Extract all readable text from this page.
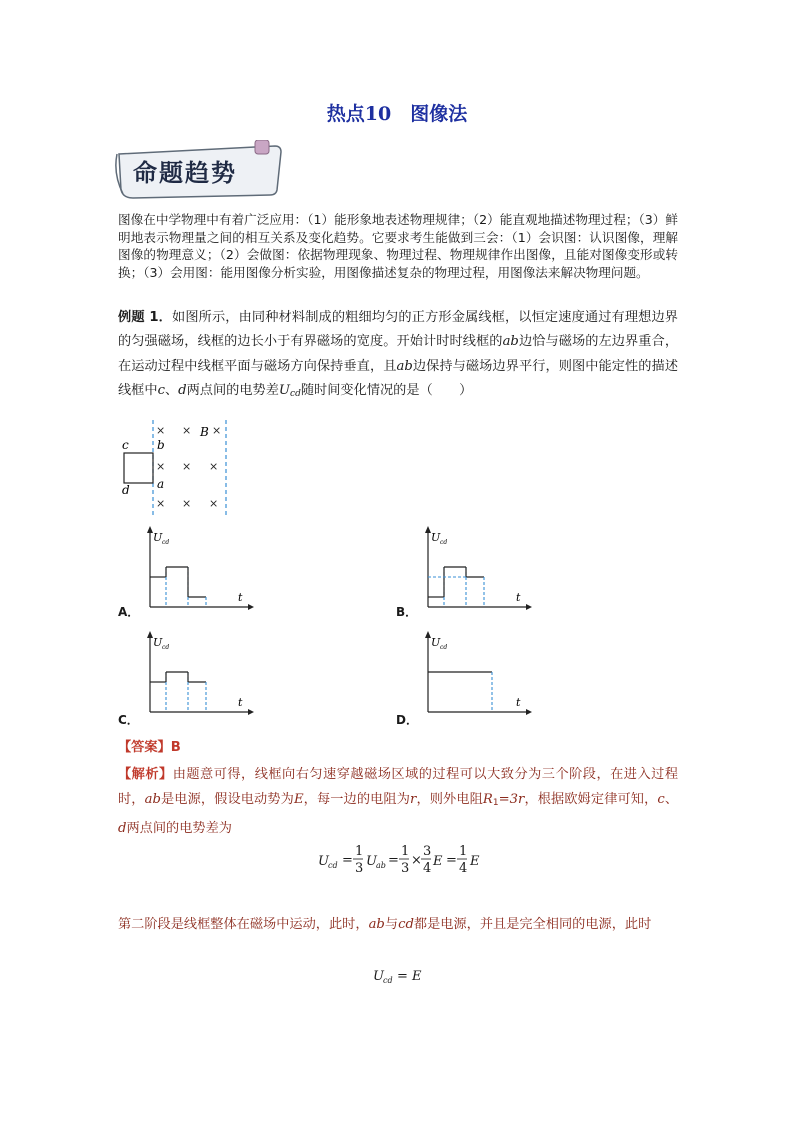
热点10　图像法
命题趋势
图像在中学物理中有着广泛应用：（1）能形象地表述物理规律；（2）能直观地描述物理过程；（3）鲜明地表示物理量之间的相互关系及变化趋势。它要求考生能做到三会：（1）会识图：认识图像，理解图像的物理意义；（2）会做图：依据物理现象、物理过程、物理规律作出图像，且能对图像变形或转换；（3）会用图：能用图像分析实验，用图像描述复杂的物理过程，用图像法来解决物理问题。
例题 1．如图所示，由同种材料制成的粗细均匀的正方形金属线框，以恒定速度通过有理想边界的匀强磁场，线框的边长小于有界磁场的宽度。开始计时时线框的ab边恰与磁场的左边界重合，在运动过程中线框平面与磁场方向保持垂直，且ab边保持与磁场边界平行，则图中能定性的描述线框中c、d两点间的电势差$U_{cd}$随时间变化情况的是（　　）
c b
a
d
B
× × ×
× × ×
× × ×
U cd
t
U cd
t
U cd
t
U cd
t
A．	B．
C．	D．
【答案】B
【解析】由题意可得，线框向右匀速穿越磁场区域的过程可以大致分为三个阶段，在进入过程时，ab是电源，假设电动势为E，每一边的电阻为r，则外电阻$R_1=3r$，根据欧姆定律可知，c、d两点间的电势差为
U cd =
1
3 U ab =
1
3
×
3
4 E =
1
4 E
第二阶段是线框整体在磁场中运动，此时，ab与cd都是电源，并且是完全相同的电源，此时
U cd = E
